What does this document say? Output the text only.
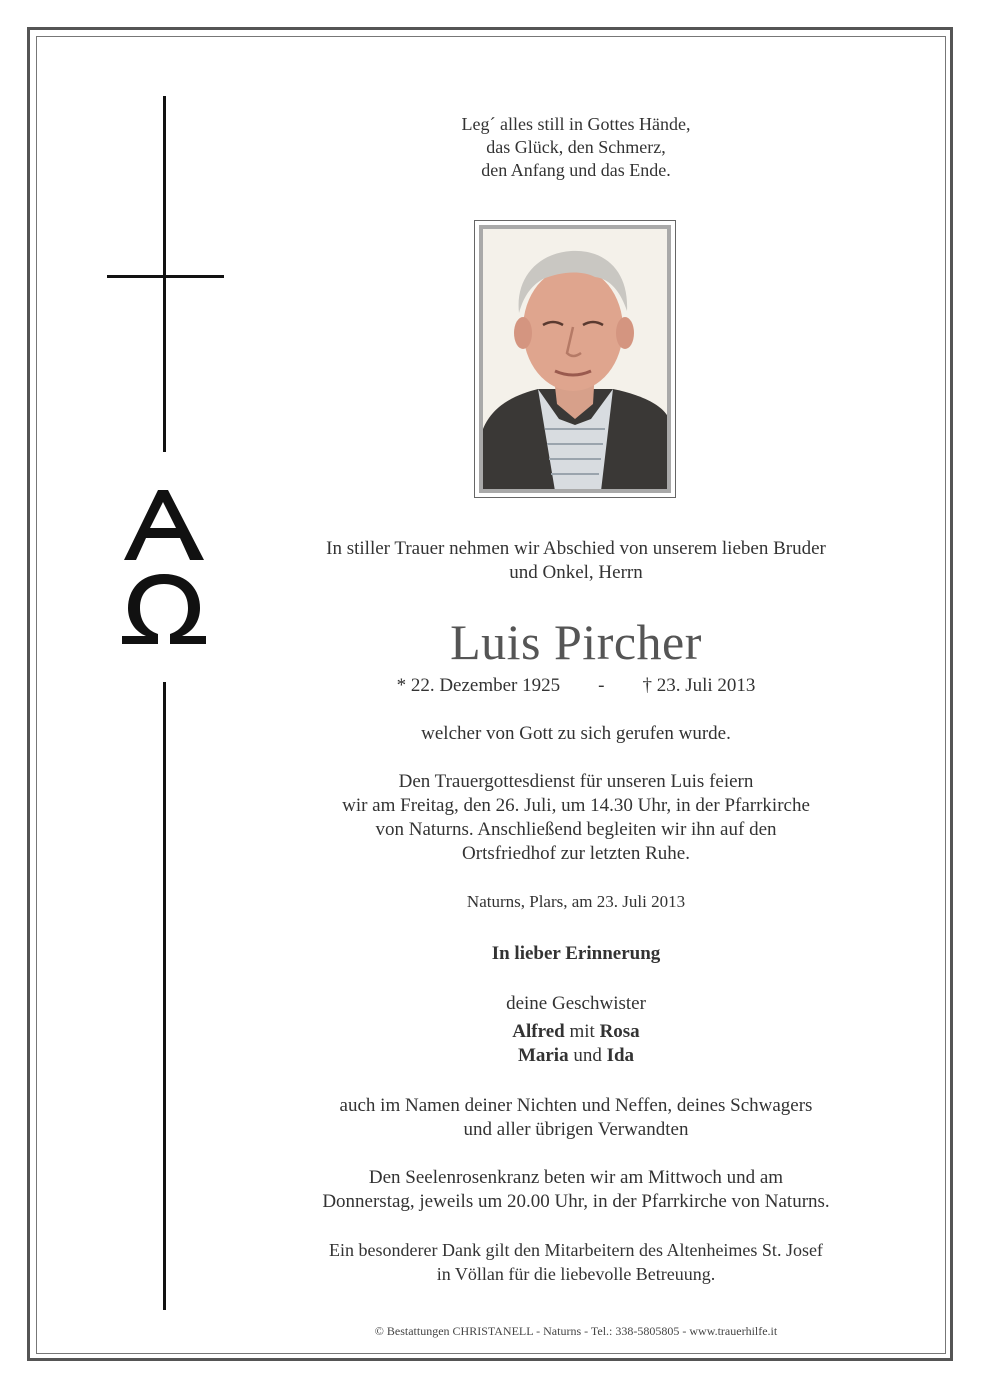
Leg´ alles still in Gottes Hände,
das Glück, den Schmerz,
den Anfang und das Ende.
In stiller Trauer nehmen wir Abschied von unserem lieben Bruder
und Onkel, Herrn
Luis Pircher
* 22. Dezember 1925 - † 23. Juli 2013
welcher von Gott zu sich gerufen wurde.
Den Trauergottesdienst für unseren Luis feiern
wir am Freitag, den 26. Juli, um 14.30 Uhr, in der Pfarrkirche
von Naturns. Anschließend begleiten wir ihn auf den
Ortsfriedhof zur letzten Ruhe.
Naturns, Plars, am 23. Juli 2013
In lieber Erinnerung
deine Geschwister
Alfred mit Rosa
Maria und Ida
auch im Namen deiner Nichten und Neffen, deines Schwagers
und aller übrigen Verwandten
Den Seelenrosenkranz beten wir am Mittwoch und am
Donnerstag, jeweils um 20.00 Uhr, in der Pfarrkirche von Naturns.
Ein besonderer Dank gilt den Mitarbeitern des Altenheimes St. Josef
in Völlan für die liebevolle Betreuung.
© Bestattungen CHRISTANELL - Naturns - Tel.: 338-5805805 - www.trauerhilfe.it
